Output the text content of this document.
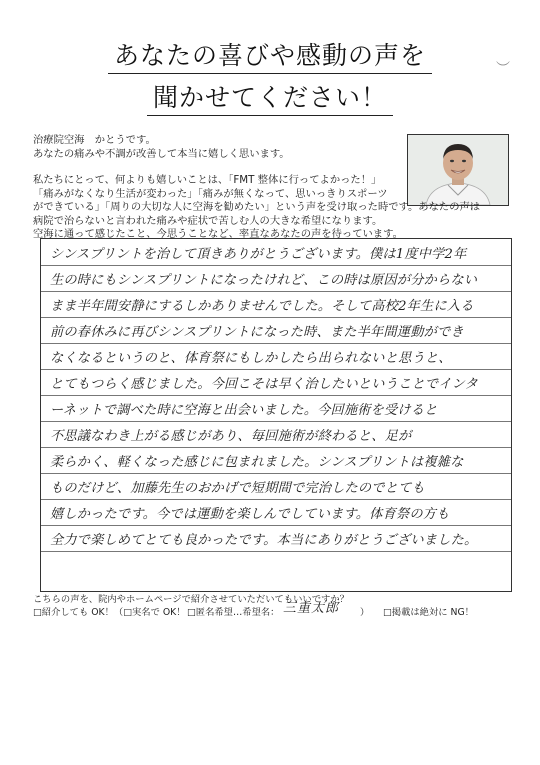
︶
あなたの喜びや感動の声を
聞かせてください！
治療院空海　かとうです。
あなたの痛みや不調が改善して本当に嬉しく思います。
私たちにとって、何よりも嬉しいことは、「FMT 整体に行ってよかった！」
「痛みがなくなり生活が変わった」「痛みが無くなって、思いっきりスポーツ
ができている」「周りの大切な人に空海を勧めたい」という声を受け取った時です。あなたの声は
病院で治らないと言われた痛みや症状で苦しむ人の大きな希望になります。
空海に通って感じたこと、今思うことなど、率直なあなたの声を待っています。
シンスプリントを治して頂きありがとうございます。僕は1度中学2年
生の時にもシンスプリントになったけれど、この時は原因が分からない
まま半年間安静にするしかありませんでした。そして高校2年生に入る
前の春休みに再びシンスプリントになった時、また半年間運動ができ
なくなるというのと、体育祭にもしかしたら出られないと思うと、
とてもつらく感じました。今回こそは早く治したいということでインタ
ーネットで調べた時に空海と出会いました。今回施術を受けると
不思議なわき上がる感じがあり、毎回施術が終わると、足が
柔らかく、軽くなった感じに包まれました。シンスプリントは複雑な
ものだけど、加藤先生のおかげで短期間で完治したのでとても
嬉しかったです。今では運動を楽しんでしています。体育祭の方も
全力で楽しめてとても良かったです。本当にありがとうございました。
こちらの声を、院内やホームページで紹介させていただいてもいいですか？
□紹介しても OK！（□実名で OK！ □匿名希望…希望名： 三重太郎 ） □掲載は絶対に NG！
